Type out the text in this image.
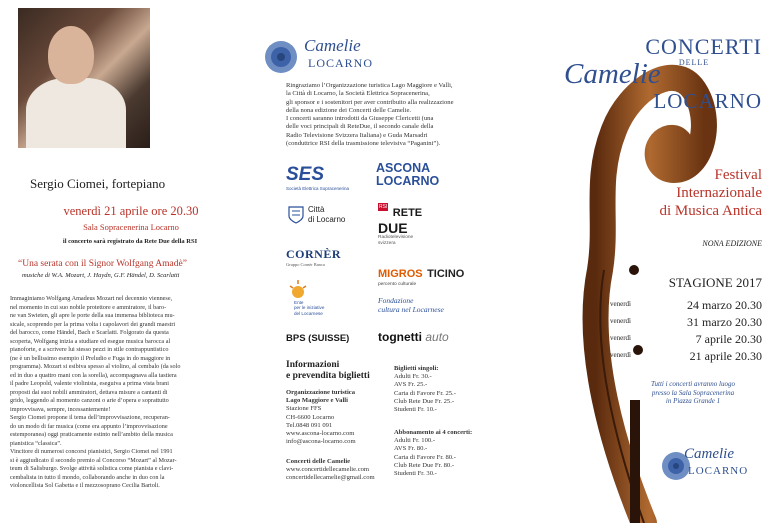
Sergio Ciomei, fortepiano
venerdì 21 aprile ore 20.30
Sala Sopracenerina Locarno
il concerto sarà registrato da Rete Due della RSI
“Una serata con il Signor Wolfgang Amadè”
musiche di W.A. Mozart, J. Haydn, G.F. Händel, D. Scarlatti
Immaginiamo Wolfgang Amadeus Mozart nel decennio viennese,
nel momento in cui suo nobile protettore e ammiratore, il baro-
ne van Swieten, gli apre le porte della sua immensa biblioteca mu-
sicale, scoprendo per la prima volta i capolavori dei grandi maestri
del barocco, come Händel, Bach e Scarlatti. Folgorato da questa
scoperta, Wolfgang inizia a studiare ed esegue musica barocca al
pianoforte, e a scrivere lui stesso pezzi in stile contrappuntistico
(ne è un bellissimo esempio il Preludio e Fuga in do maggiore in
programma). Mozart si esibiva spesso al violino, al cembalo (da solo
ed in duo a quattro mani con la sorella), accompagnava alla tastiera
il padre Leopold, valente violinista, eseguiva a prima vista brani
proposti dai suoi nobili ammiratori, dettava misure a cantanti di
grido, leggendo al momento canzoni o arie d’opera e soprattutto
improvvisava, sempre, incessantemente!
Sergio Ciomei propone il tema dell’improvvisazione, recuperan-
do un modo di far musica (come era appunto l’improvvisazione
estemporanea) oggi praticamente estinto nell’ambito della musica
pianistica “classica”.
Vincitore di numerosi concorsi pianistici, Sergio Ciomei nel 1991
si è aggiudicato il secondo premio al Concorso “Mozart” al Mozar-
teum di Salisburgo. Svolge attività solistica come pianista e clavi-
cembalista in tutto il mondo, collaborando anche in duo con la
violoncellista Sol Gabetta e il mezzosoprano Cecilia Bartoli.
Camelie
LOCARNO
Ringraziamo l’Organizzazione turistica Lago Maggiore e Valli,
la Città di Locarno, la Società Elettrica Sopracenerina,
gli sponsor e i sostenitori per aver contribuito alla realizzazione
della nona edizione dei Concerti delle Camelie.
I concerti saranno introdotti da Giuseppe Clericetti (una
delle voci principali di ReteDue, il secondo canale della
Radio Televisione Svizzera Italiana) e Guda Marsadri
(conduttrice RSI della trasmissione televisiva “Paganini”).
SES
Società Elettrica Sopracenerina
ASCONA
LOCARNO
Città
di Locarno
RSI RETE
DUE
Radiotelevisione
svizzera
CORNÈR
Gruppo Cornèr Banca
MIGROS TICINO
percento culturale
Ente
per le iniziative
del Locarnese
Fondazione
cultura nel Locarnese
BPS (SUISSE) tognetti auto
Informazioni
e prevendita biglietti
Organizzazione turistica
Lago Maggiore e Valli
Stazione FFS
CH-6600 Locarno
Tel.0848 091 091
www.ascona-locarno.com
info@ascona-locarno.com
Concerti delle Camelie
www.concertidellecamelie.com
concertidellecamelie@gmail.com
Biglietti singoli:
Adulti Fr. 30.-
AVS Fr. 25.-
Carta di Favore Fr. 25.-
Club Rete Due Fr. 25.-
Studenti Fr. 10.-
Abbonamento ai 4 concerti:
Adulti Fr. 100.-
AVS Fr. 80.-
Carta di Favore Fr. 80.-
Club Rete Due Fr. 80.-
Studenti Fr. 30.-
CONCERTI
DELLE
Camelie
LOCARNO
Festival
Internazionale
di Musica Antica
NONA EDIZIONE
STAGIONE 2017
venerdì	24 marzo 20.30
venerdì	31 marzo 20.30
venerdì	7 aprile 20.30
venerdì	21 aprile 20.30
Tutti i concerti avranno luogo
presso la Sala Sopracenerina
in Piazza Grande 1
Camelie
LOCARNO
